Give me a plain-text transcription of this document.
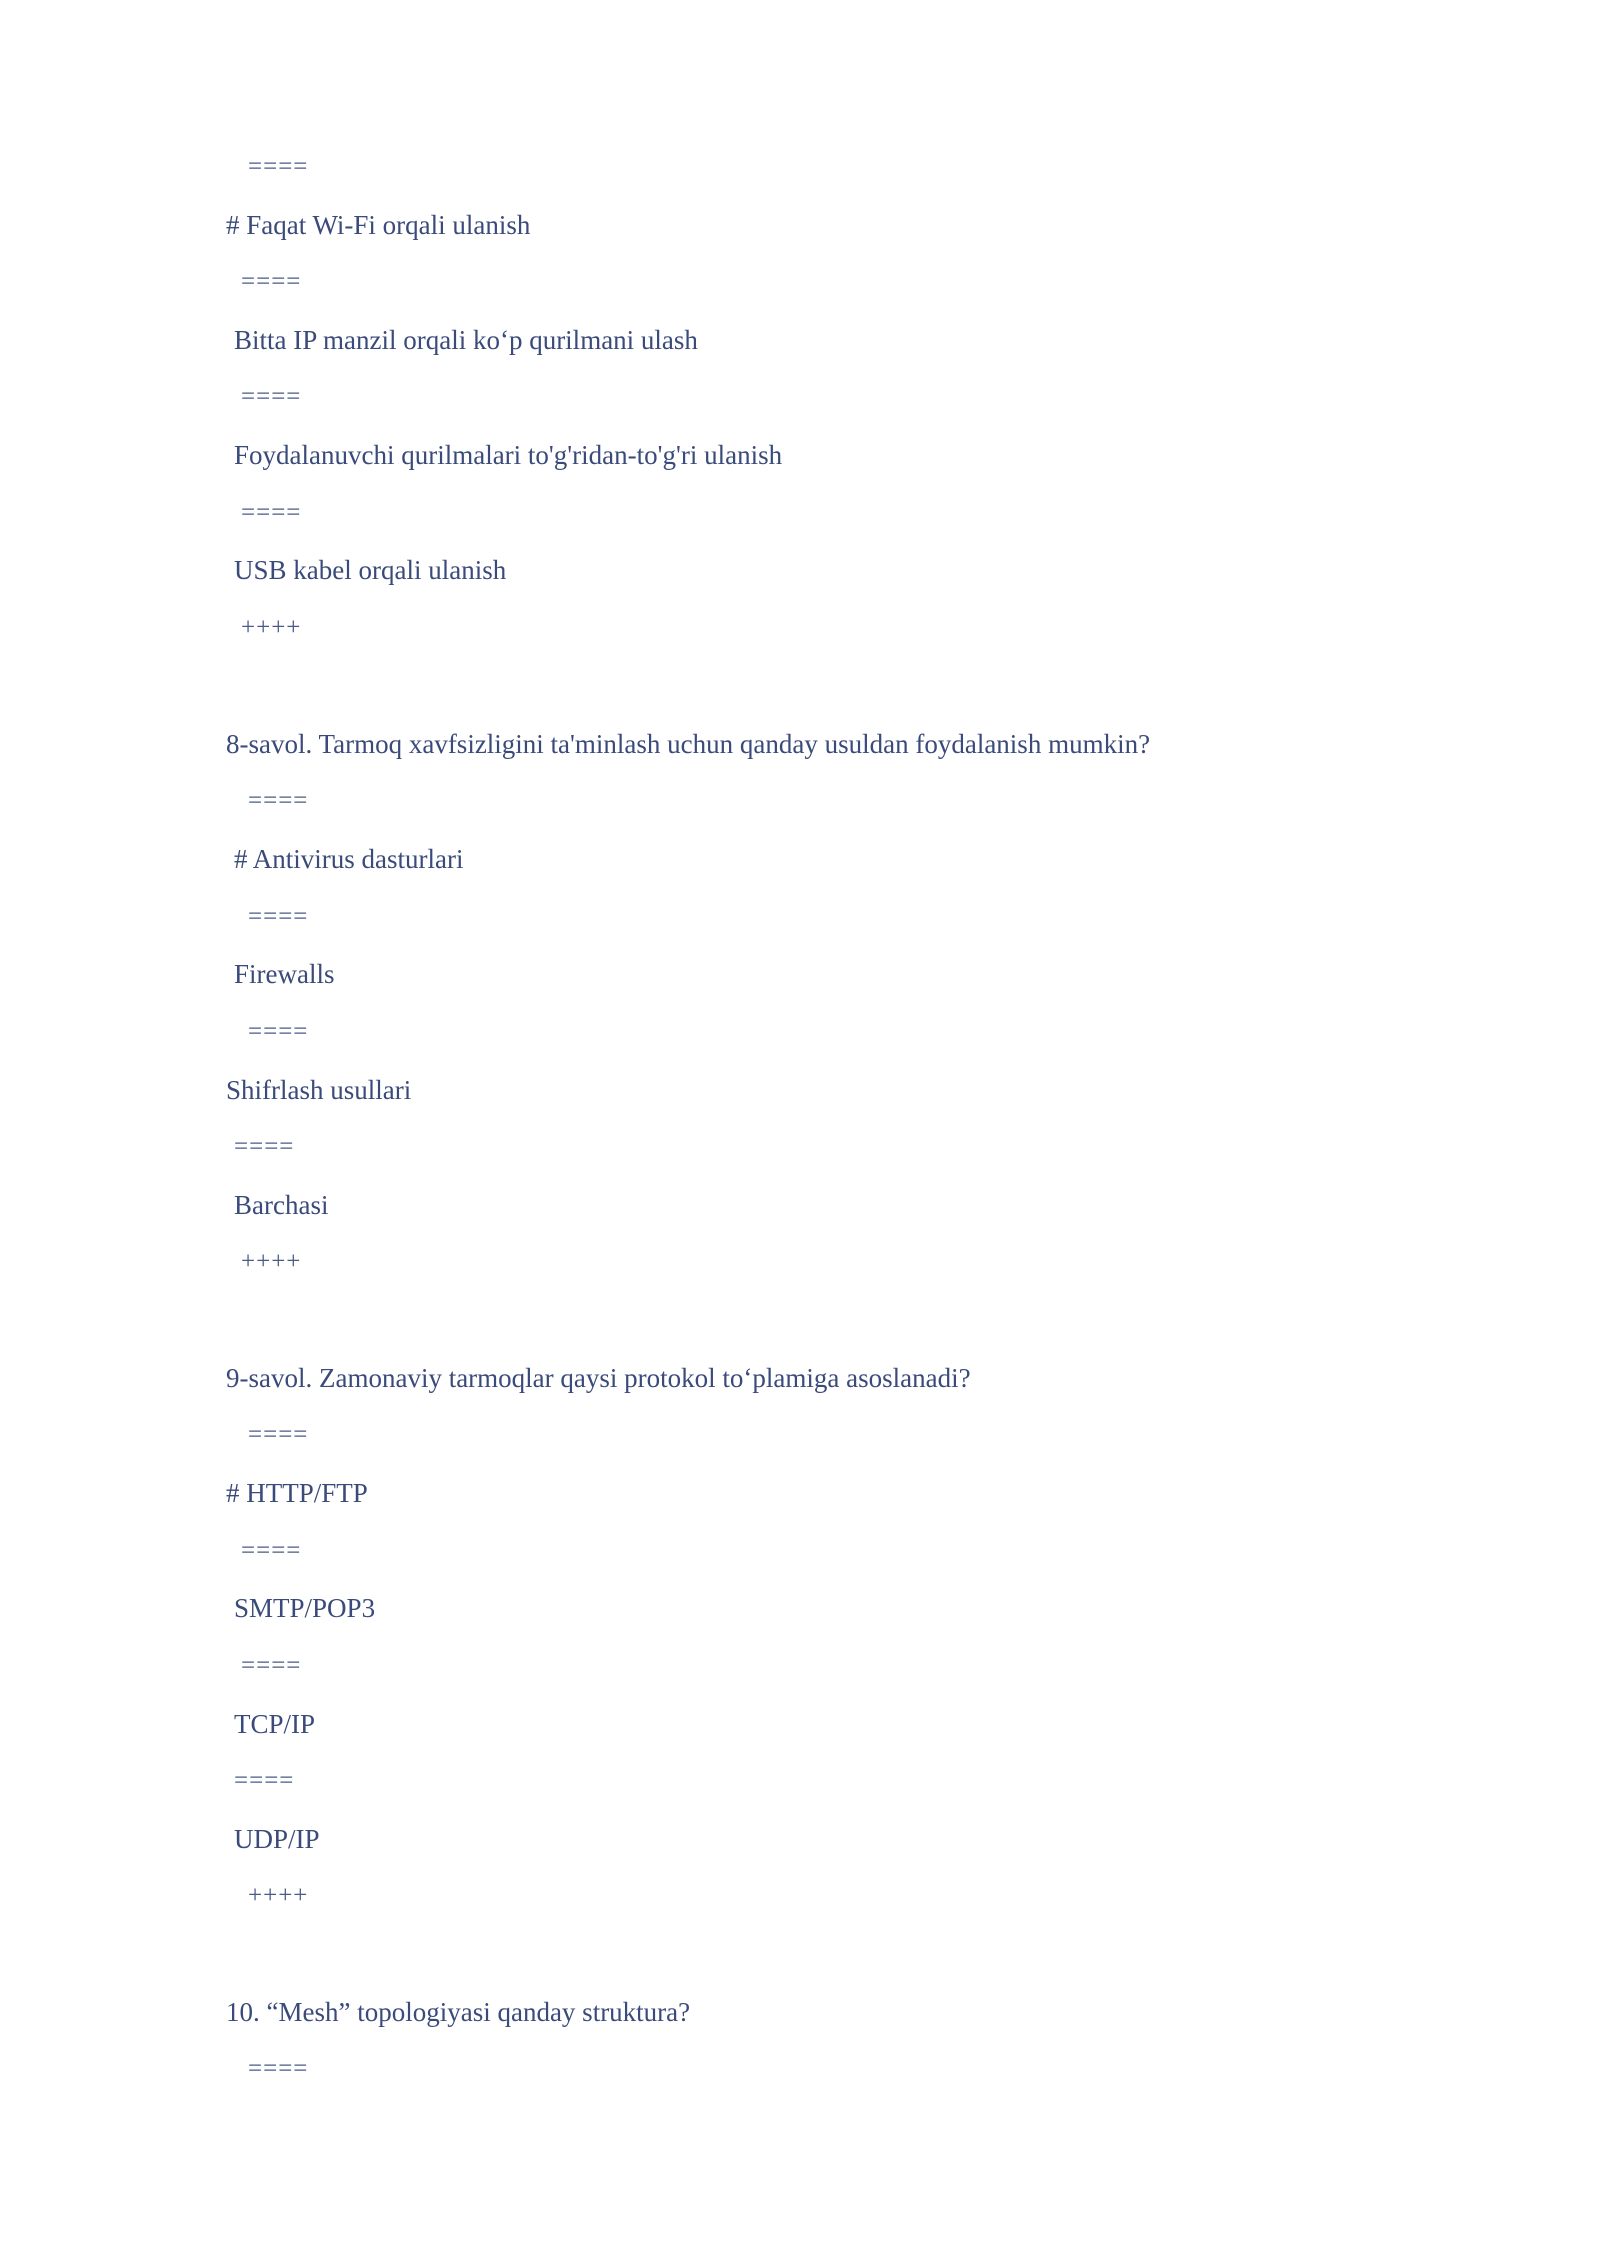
====
# Faqat Wi-Fi orqali ulanish
====
Bitta IP manzil orqali ko‘p qurilmani ulash
====
Foydalanuvchi qurilmalari to'g'ridan-to'g'ri ulanish
====
USB kabel orqali ulanish
++++
8-savol. Tarmoq xavfsizligini ta'minlash uchun qanday usuldan foydalanish mumkin?
====
# Antivirus dasturlari
====
Firewalls
====
Shifrlash usullari
====
Barchasi
++++
9-savol. Zamonaviy tarmoqlar qaysi protokol to‘plamiga asoslanadi?
====
# HTTP/FTP
====
SMTP/POP3
====
TCP/IP
====
UDP/IP
++++
10. “Mesh” topologiyasi qanday struktura?
====
